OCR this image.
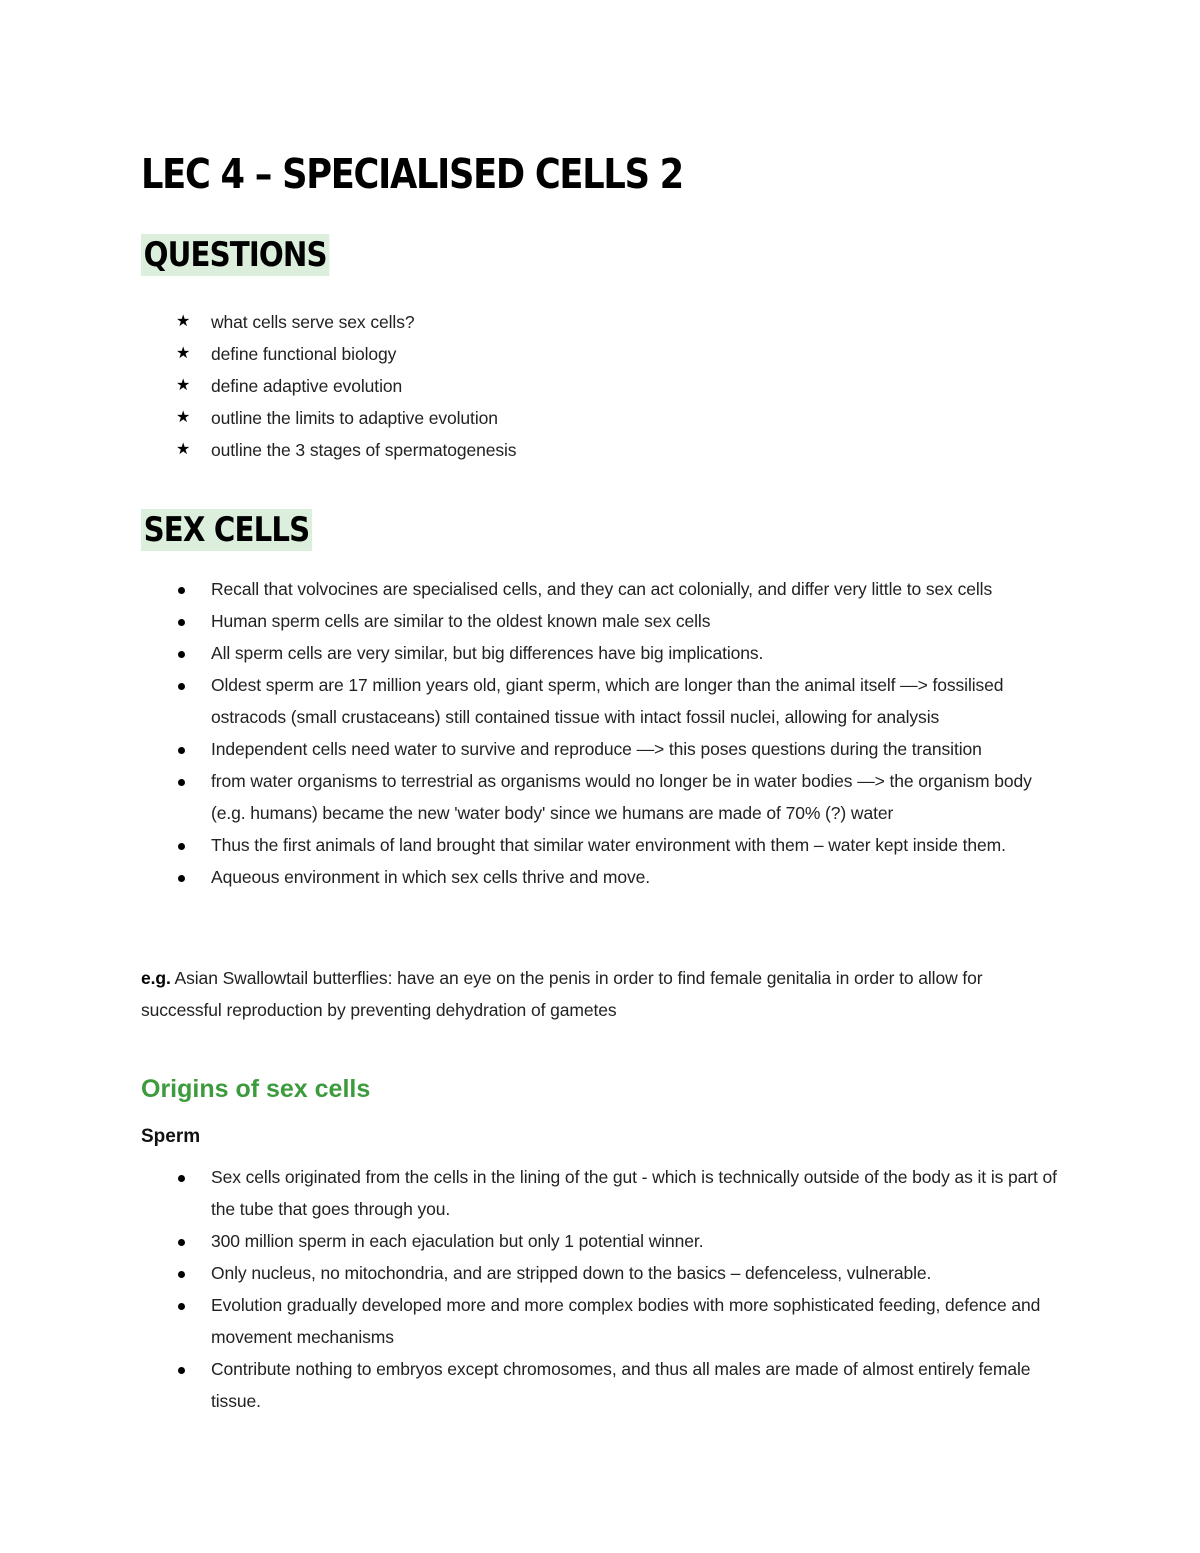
LEC 4 – SPECIALISED CELLS 2
QUESTIONS
★ what cells serve sex cells?
★ define functional biology
★ define adaptive evolution
★ outline the limits to adaptive evolution
★ outline the 3 stages of spermatogenesis
SEX CELLS
Recall that volvocines are specialised cells, and they can act colonially, and differ very little to sex cells
Human sperm cells are similar to the oldest known male sex cells
All sperm cells are very similar, but big differences have big implications.
Oldest sperm are 17 million years old, giant sperm, which are longer than the animal itself —> fossilised ostracods (small crustaceans) still contained tissue with intact fossil nuclei, allowing for analysis
Independent cells need water to survive and reproduce —> this poses questions during the transition
from water organisms to terrestrial as organisms would no longer be in water bodies —> the organism body (e.g. humans) became the new 'water body' since we humans are made of 70% (?) water
Thus the first animals of land brought that similar water environment with them – water kept inside them.
Aqueous environment in which sex cells thrive and move.

e.g. Asian Swallowtail butterflies: have an eye on the penis in order to find female genitalia in order to allow for successful reproduction by preventing dehydration of gametes

Origins of sex cells
Sperm
Sex cells originated from the cells in the lining of the gut - which is technically outside of the body as it is part of the tube that goes through you.
300 million sperm in each ejaculation but only 1 potential winner.
Only nucleus, no mitochondria, and are stripped down to the basics – defenceless, vulnerable.
Evolution gradually developed more and more complex bodies with more sophisticated feeding, defence and movement mechanisms
Contribute nothing to embryos except chromosomes, and thus all males are made of almost entirely female tissue.
